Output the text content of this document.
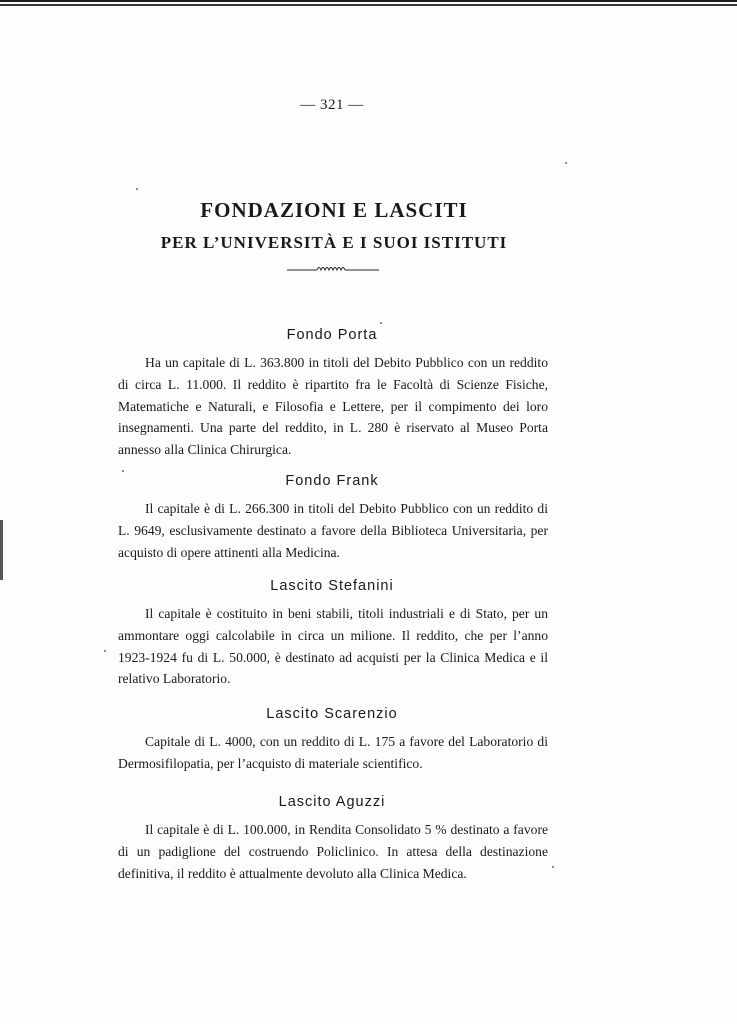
— 321 —
FONDAZIONI E LASCITI
PER L’UNIVERSITÀ E I SUOI ISTITUTI
Fondo Porta
Ha un capitale di L. 363.800 in titoli del Debito Pubblico con un reddito di circa L. 11.000. Il reddito è ripartito fra le Facoltà di Scienze Fisiche, Matematiche e Naturali, e Filosofia e Lettere, per il compimento dei loro insegnamenti. Una parte del reddito, in L. 280 è riservato al Museo Porta annesso alla Clinica Chirurgica.
Fondo Frank
Il capitale è di L. 266.300 in titoli del Debito Pubblico con un reddito di L. 9649, esclusivamente destinato a favore della Biblioteca Universitaria, per acquisto di opere attinenti alla Medicina.
Lascito Stefanini
Il capitale è costituito in beni stabili, titoli industriali e di Stato, per un ammontare oggi calcolabile in circa un milione. Il reddito, che per l’anno 1923-1924 fu di L. 50.000, è destinato ad acquisti per la Clinica Medica e il relativo Laboratorio.
Lascito Scarenzio
Capitale di L. 4000, con un reddito di L. 175 a favore del Laboratorio di Dermosifilopatia, per l’acquisto di materiale scientifico.
Lascito Aguzzi
Il capitale è di L. 100.000, in Rendita Consolidato 5 % destinato a favore di un padiglione del costruendo Policlinico. In attesa della destinazione definitiva, il reddito è attualmente devoluto alla Clinica Medica.
